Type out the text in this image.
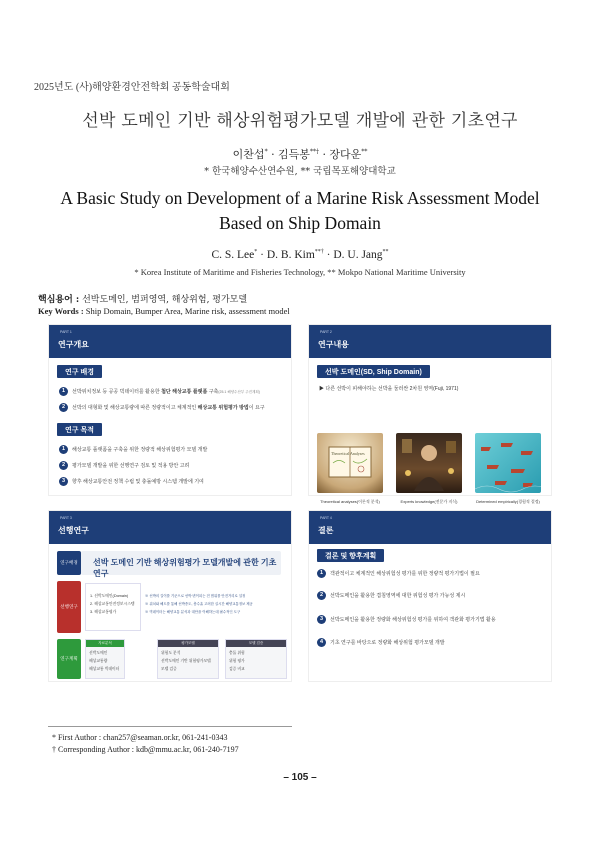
2025년도 (사)해양환경안전학회 공동학술대회
선박 도메인 기반 해상위험평가모델 개발에 관한 기초연구
이찬섭* · 김득봉**† · 장다운**
* 한국해양수산연수원, ** 국립목포해양대학교
A Basic Study on Development of a Marine Risk Assessment Model
Based on Ship Domain
C. S. Lee* · D. B. Kim**† · D. U. Jang**
* Korea Institute of Maritime and Fisheries Technology, ** Mokpo National Maritime University
핵심용어 : 선박도메인, 범퍼영역, 해상위험, 평가모델
Key Words : Ship Domain, Bumper Area, Marine risk, assessment model
PART 1
연구개요
연구 배경
1 선박위치정보 등 공공 빅데이터를 활용한 첨단 해상교통 플랫폼 구축(25.1 해양수산부 주진계획)
2 선박의 대형화 및 해상교통량에 따른 정량적이고 체계적인 해상교통 위험평가 방법이 요구
연구 목적
1 해상교통 플랫폼을 구축을 위한 정량적 해상위험평가 모델 개발
2 평가모델 개발을 위한 선행연구 검토 및 적용 방안 고려
3 향후 해상교통안전 정책 수립 및 충돌예방 시스템 개발에 기여
PART 2
연구내용
선박 도메인(SD, Ship Domain)
▶ 다른 선박이 피해야하는 선박을 둘러싼 2차원 영역(Fuji, 1971)
Theoretical Analyses
Theoretical analyses(이론적 분석)	Experts knowledge(전문가 지식)	Determined empirically(경험적 결정)
PART 3
선행연구
연구배경	선박 도메인 기반 해상위험평가 모델개발에 관한 기초연구
선행연구
1. 선박도메인(Domain)
2. 해상교통안전정보시스템
3. 해상교통평가
※ 선박의 길이를 기준으로 선박 변이되는 전 범위를 안전거리로 설정
※ 위치와 해도를 통해 선박종도, 충수흘 고려한 실시간 해양교통정보 제공
※ 빅데이터는 해양교통 분석과 대안을 이해하는데 필수적인 도구
연구계획
자료분석
선박도메인
해상교통량
해상교통 빅데이터
평가모델
위험도 분석
선박도메인 기반 위험평가모델
모델 검증
모델 검증
충돌 위험
위험 평가
검증 비교
PART 4
결론
결론 및 향후계획
1 객관적이고 체계적인 해상위험성 평가를 위한 정량적 평가기법이 필요
2 선박도메인을 활용한 겹침영역에 대한 위험성 평가 가능성 제시
3 선박도메인을 활용한 정량화 해상위험성 평가를 위하여 객관화 평가기법 활용
4 기초 연구를 바탕으로 정량화 해상위험 평가모델 개발
* First Author : chan257@seaman.or.kr, 061-241-0343
† Corresponding Author : kdb@mmu.ac.kr, 061-240-7197
– 105 –
